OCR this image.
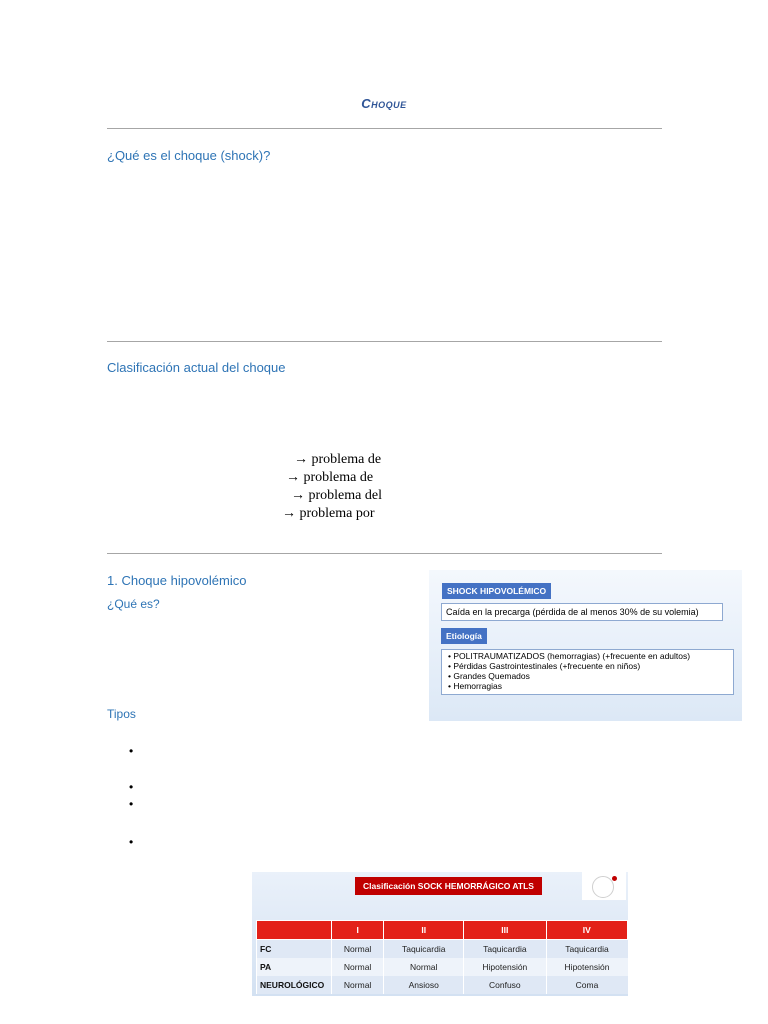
Choque
¿Qué es el choque (shock)?
Clasificación actual del choque
→ problema de
→ problema de
→ problema del
→ problema por
1. Choque hipovolémico
¿Qué es?
Tipos
•
•
•
•
SHOCK HIPOVOLÉMICO
Caída en la precarga (pérdida de al menos 30% de su volemia)
Etiología
• POLITRAUMATIZADOS (hemorragias) (+frecuente en adultos)
• Pérdidas Gastrointestinales (+frecuente en niños)
• Grandes Quemados
• Hemorragias
Clasificación SOCK HEMORRÁGICO ATLS
	I	II	III	IV
FC	Normal	Taquicardia	Taquicardia	Taquicardia
PA	Normal	Normal	Hipotensión	Hipotensión
NEUROLÓGICO	Normal	Ansioso	Confuso	Coma
